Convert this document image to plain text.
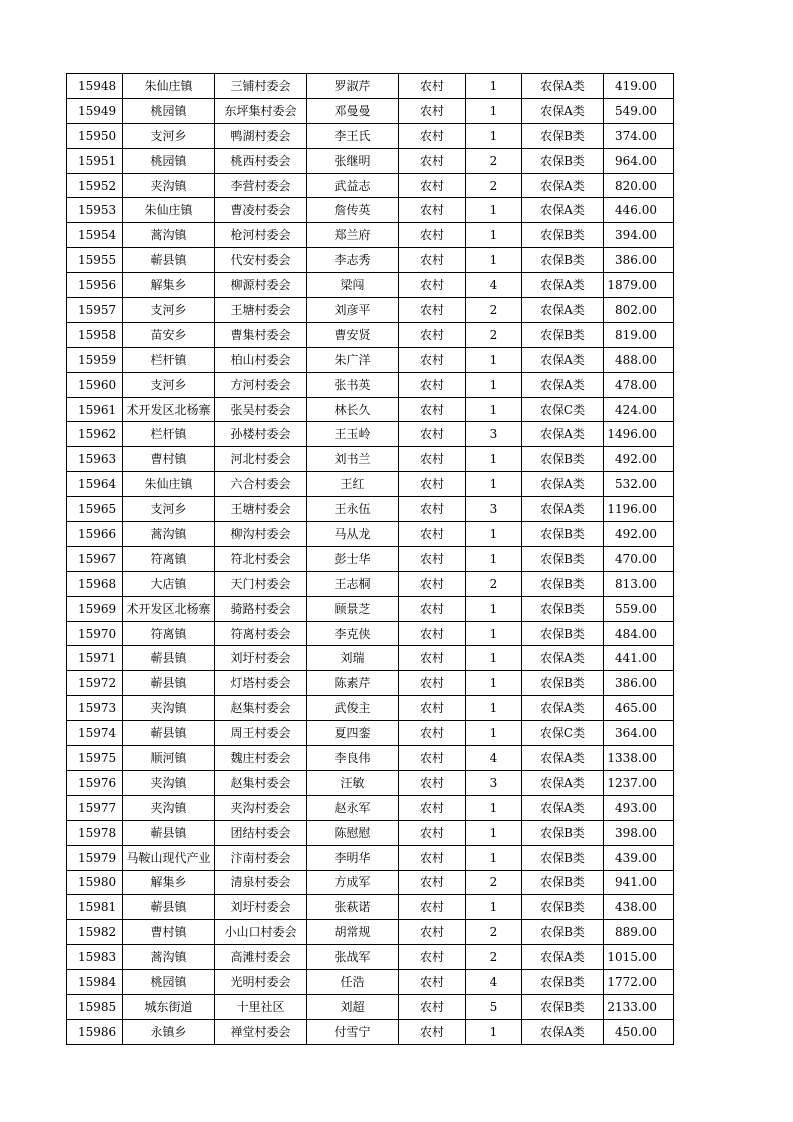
15948	朱仙庄镇	三铺村委会	罗淑芹	农村	1	农保A类	419.00
15949	桃园镇	东坪集村委会	邓曼曼	农村	1	农保A类	549.00
15950	支河乡	鸭湖村委会	李王氏	农村	1	农保B类	374.00
15951	桃园镇	桃西村委会	张继明	农村	2	农保B类	964.00
15952	夹沟镇	李营村委会	武益志	农村	2	农保A类	820.00
15953	朱仙庄镇	曹凌村委会	詹传英	农村	1	农保A类	446.00
15954	蒿沟镇	枪河村委会	郑兰府	农村	1	农保B类	394.00
15955	蕲县镇	代安村委会	李志秀	农村	1	农保B类	386.00
15956	解集乡	柳源村委会	梁闯	农村	4	农保A类	1879.00
15957	支河乡	王塘村委会	刘彦平	农村	2	农保A类	802.00
15958	苗安乡	曹集村委会	曹安贤	农村	2	农保B类	819.00
15959	栏杆镇	柏山村委会	朱广洋	农村	1	农保A类	488.00
15960	支河乡	方河村委会	张书英	农村	1	农保A类	478.00
15961	术开发区北杨寨	张吴村委会	林长久	农村	1	农保C类	424.00
15962	栏杆镇	孙楼村委会	王玉岭	农村	3	农保A类	1496.00
15963	曹村镇	河北村委会	刘书兰	农村	1	农保B类	492.00
15964	朱仙庄镇	六合村委会	王红	农村	1	农保A类	532.00
15965	支河乡	王塘村委会	王永伍	农村	3	农保A类	1196.00
15966	蒿沟镇	柳沟村委会	马从龙	农村	1	农保B类	492.00
15967	符离镇	符北村委会	彭士华	农村	1	农保B类	470.00
15968	大店镇	天门村委会	王志桐	农村	2	农保B类	813.00
15969	术开发区北杨寨	骑路村委会	顾景芝	农村	1	农保B类	559.00
15970	符离镇	符离村委会	李克侠	农村	1	农保B类	484.00
15971	蕲县镇	刘圩村委会	刘瑞	农村	1	农保A类	441.00
15972	蕲县镇	灯塔村委会	陈素芹	农村	1	农保B类	386.00
15973	夹沟镇	赵集村委会	武俊主	农村	1	农保A类	465.00
15974	蕲县镇	周王村委会	夏四銮	农村	1	农保C类	364.00
15975	顺河镇	魏庄村委会	李良伟	农村	4	农保A类	1338.00
15976	夹沟镇	赵集村委会	汪敏	农村	3	农保A类	1237.00
15977	夹沟镇	夹沟村委会	赵永军	农村	1	农保A类	493.00
15978	蕲县镇	团结村委会	陈慰慰	农村	1	农保B类	398.00
15979	马鞍山现代产业	汴南村委会	李明华	农村	1	农保B类	439.00
15980	解集乡	清泉村委会	方成军	农村	2	农保B类	941.00
15981	蕲县镇	刘圩村委会	张萩诺	农村	1	农保B类	438.00
15982	曹村镇	小山口村委会	胡常规	农村	2	农保B类	889.00
15983	蒿沟镇	高滩村委会	张战军	农村	2	农保A类	1015.00
15984	桃园镇	光明村委会	任浩	农村	4	农保B类	1772.00
15985	城东街道	十里社区	刘超	农村	5	农保B类	2133.00
15986	永镇乡	禅堂村委会	付雪宁	农村	1	农保A类	450.00
